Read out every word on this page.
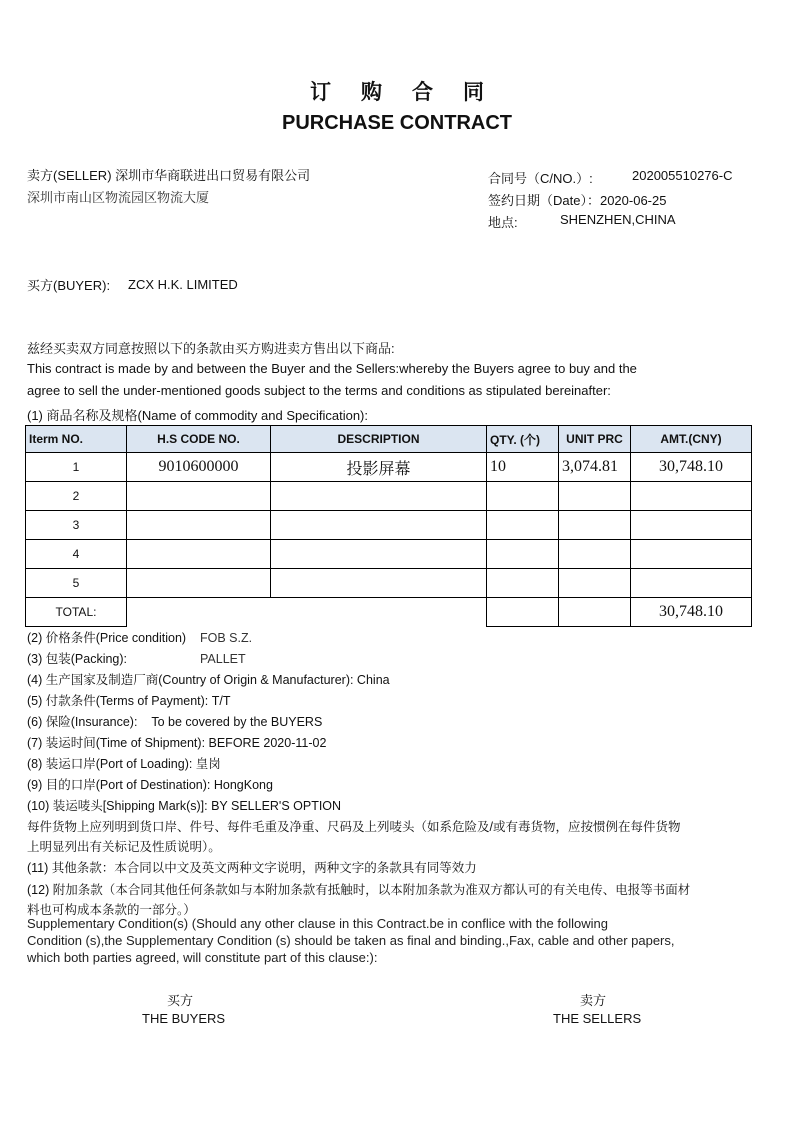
订购合同
PURCHASE CONTRACT
卖方(SELLER) 深圳市华商联进出口贸易有限公司
深圳市南山区物流园区物流大厦
合同号（C/NO.）:	202005510276-C
签约日期（Date）：2020-06-25
地点:	SHENZHEN,CHINA
买方(BUYER): ZCX H.K. LIMITED
兹经买卖双方同意按照以下的条款由买方购进卖方售出以下商品:
This contract is made by and between the Buyer and the Sellers:whereby the Buyers agree to buy and the
agree to sell the under-mentioned goods subject to the terms and conditions as stipulated bereinafter:
(1) 商品名称及规格(Name of commodity and Specification):
Iterm NO.	H.S CODE NO.	DESCRIPTION	QTY. (个)	UNIT PRC	AMT.(CNY)
1	9010600000	投影屏幕	10	3,074.81	30,748.10
2					
3					
4					
5					
TOTAL:					30,748.10
(2) 价格条件(Price condition) FOB S.Z.
(3) 包装(Packing):	PALLET
(4) 生产国家及制造厂商(Country of Origin & Manufacturer): China
(5) 付款条件(Terms of Payment): T/T
(6) 保险(Insurance): To be covered by the BUYERS
(7) 装运时间(Time of Shipment): BEFORE 2020-11-02
(8) 装运口岸(Port of Loading): 皇岗
(9) 目的口岸(Port of Destination): HongKong
(10) 装运唛头[Shipping Mark(s)]: BY SELLER'S OPTION
每件货物上应列明到货口岸、件号、每件毛重及净重、尺码及上列唛头（如系危险及/或有毒货物，应按惯例在每件货物
上明显列出有关标记及性质说明）。
(11) 其他条款：本合同以中文及英文两种文字说明，两种文字的条款具有同等效力
(12) 附加条款（本合同其他任何条款如与本附加条款有抵触时，以本附加条款为准双方都认可的有关电传、电报等书面材
料也可构成本条款的一部分。）
Supplementary Condition(s) (Should any other clause in this Contract.be in conflice with the following
Condition (s),the Supplementary Condition (s) should be taken as final and binding.,Fax, cable and other papers,
which both parties agreed, will constitute part of this clause:):
买方
THE BUYERS
卖方
THE SELLERS
